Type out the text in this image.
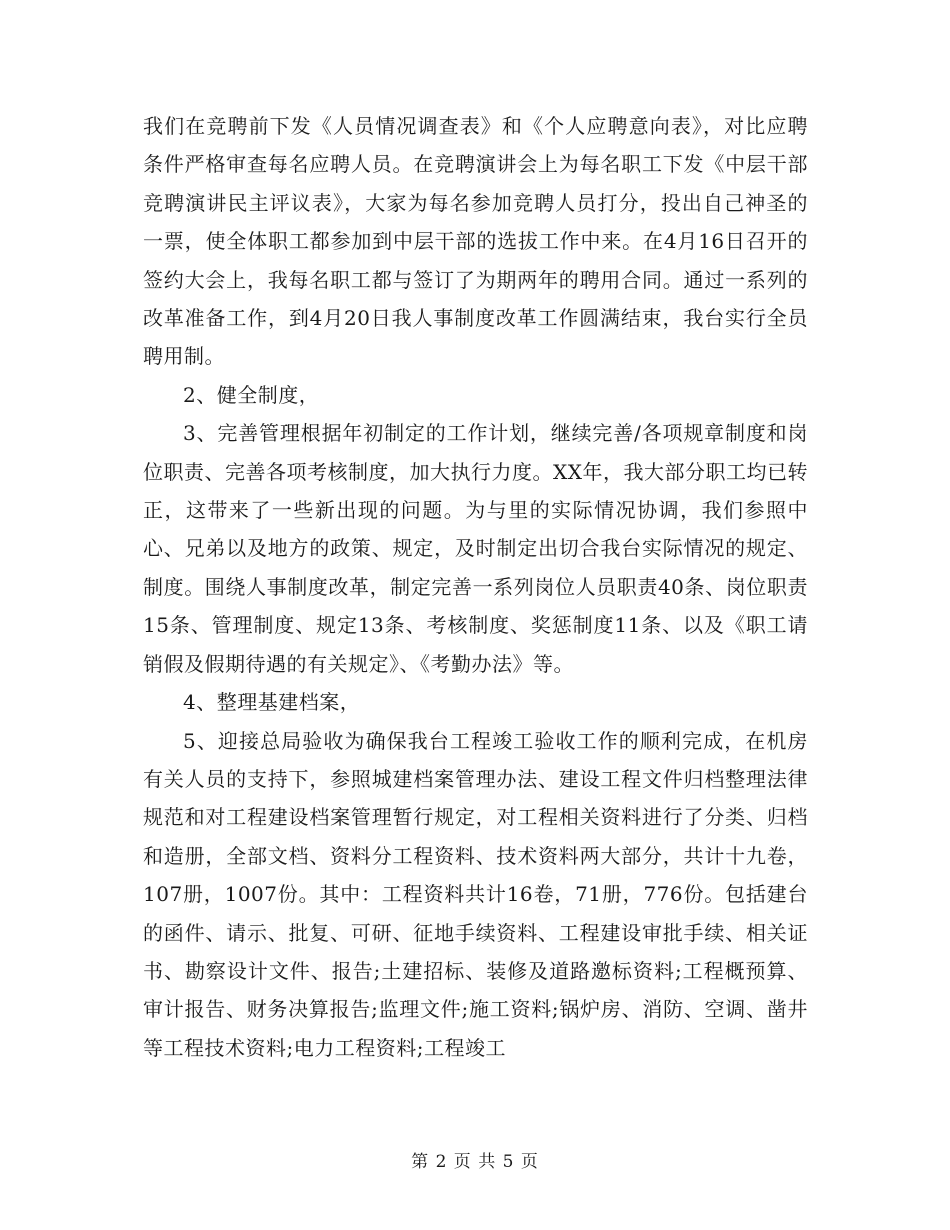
我们在竞聘前下发《人员情况调查表》和《个人应聘意向表》，对比应聘条件严格审查每名应聘人员。在竞聘演讲会上为每名职工下发《中层干部竞聘演讲民主评议表》，大家为每名参加竞聘人员打分，投出自己神圣的一票，使全体职工都参加到中层干部的选拔工作中来。在4月16日召开的签约大会上，我每名职工都与签订了为期两年的聘用合同。通过一系列的改革准备工作，到4月20日我人事制度改革工作圆满结束，我台实行全员聘用制。

2、健全制度，

3、完善管理根据年初制定的工作计划，继续完善/各项规章制度和岗位职责、完善各项考核制度，加大执行力度。XX年，我大部分职工均已转正，这带来了一些新出现的问题。为与里的实际情况协调，我们参照中心、兄弟以及地方的政策、规定，及时制定出切合我台实际情况的规定、制度。围绕人事制度改革，制定完善一系列岗位人员职责40条、岗位职责15条、管理制度、规定13条、考核制度、奖惩制度11条、以及《职工请销假及假期待遇的有关规定》、《考勤办法》等。

4、整理基建档案，

5、迎接总局验收为确保我台工程竣工验收工作的顺利完成，在机房有关人员的支持下，参照城建档案管理办法、建设工程文件归档整理法律规范和对工程建设档案管理暂行规定，对工程相关资料进行了分类、归档和造册，全部文档、资料分工程资料、技术资料两大部分，共计十九卷，107册，1007份。其中：工程资料共计16卷，71册，776份。包括建台的函件、请示、批复、可研、征地手续资料、工程建设审批手续、相关证书、勘察设计文件、报告;土建招标、装修及道路邀标资料;工程概预算、审计报告、财务决算报告;监理文件;施工资料;锅炉房、消防、空调、凿井等工程技术资料;电力工程资料;工程竣工

第 2 页 共 5 页
